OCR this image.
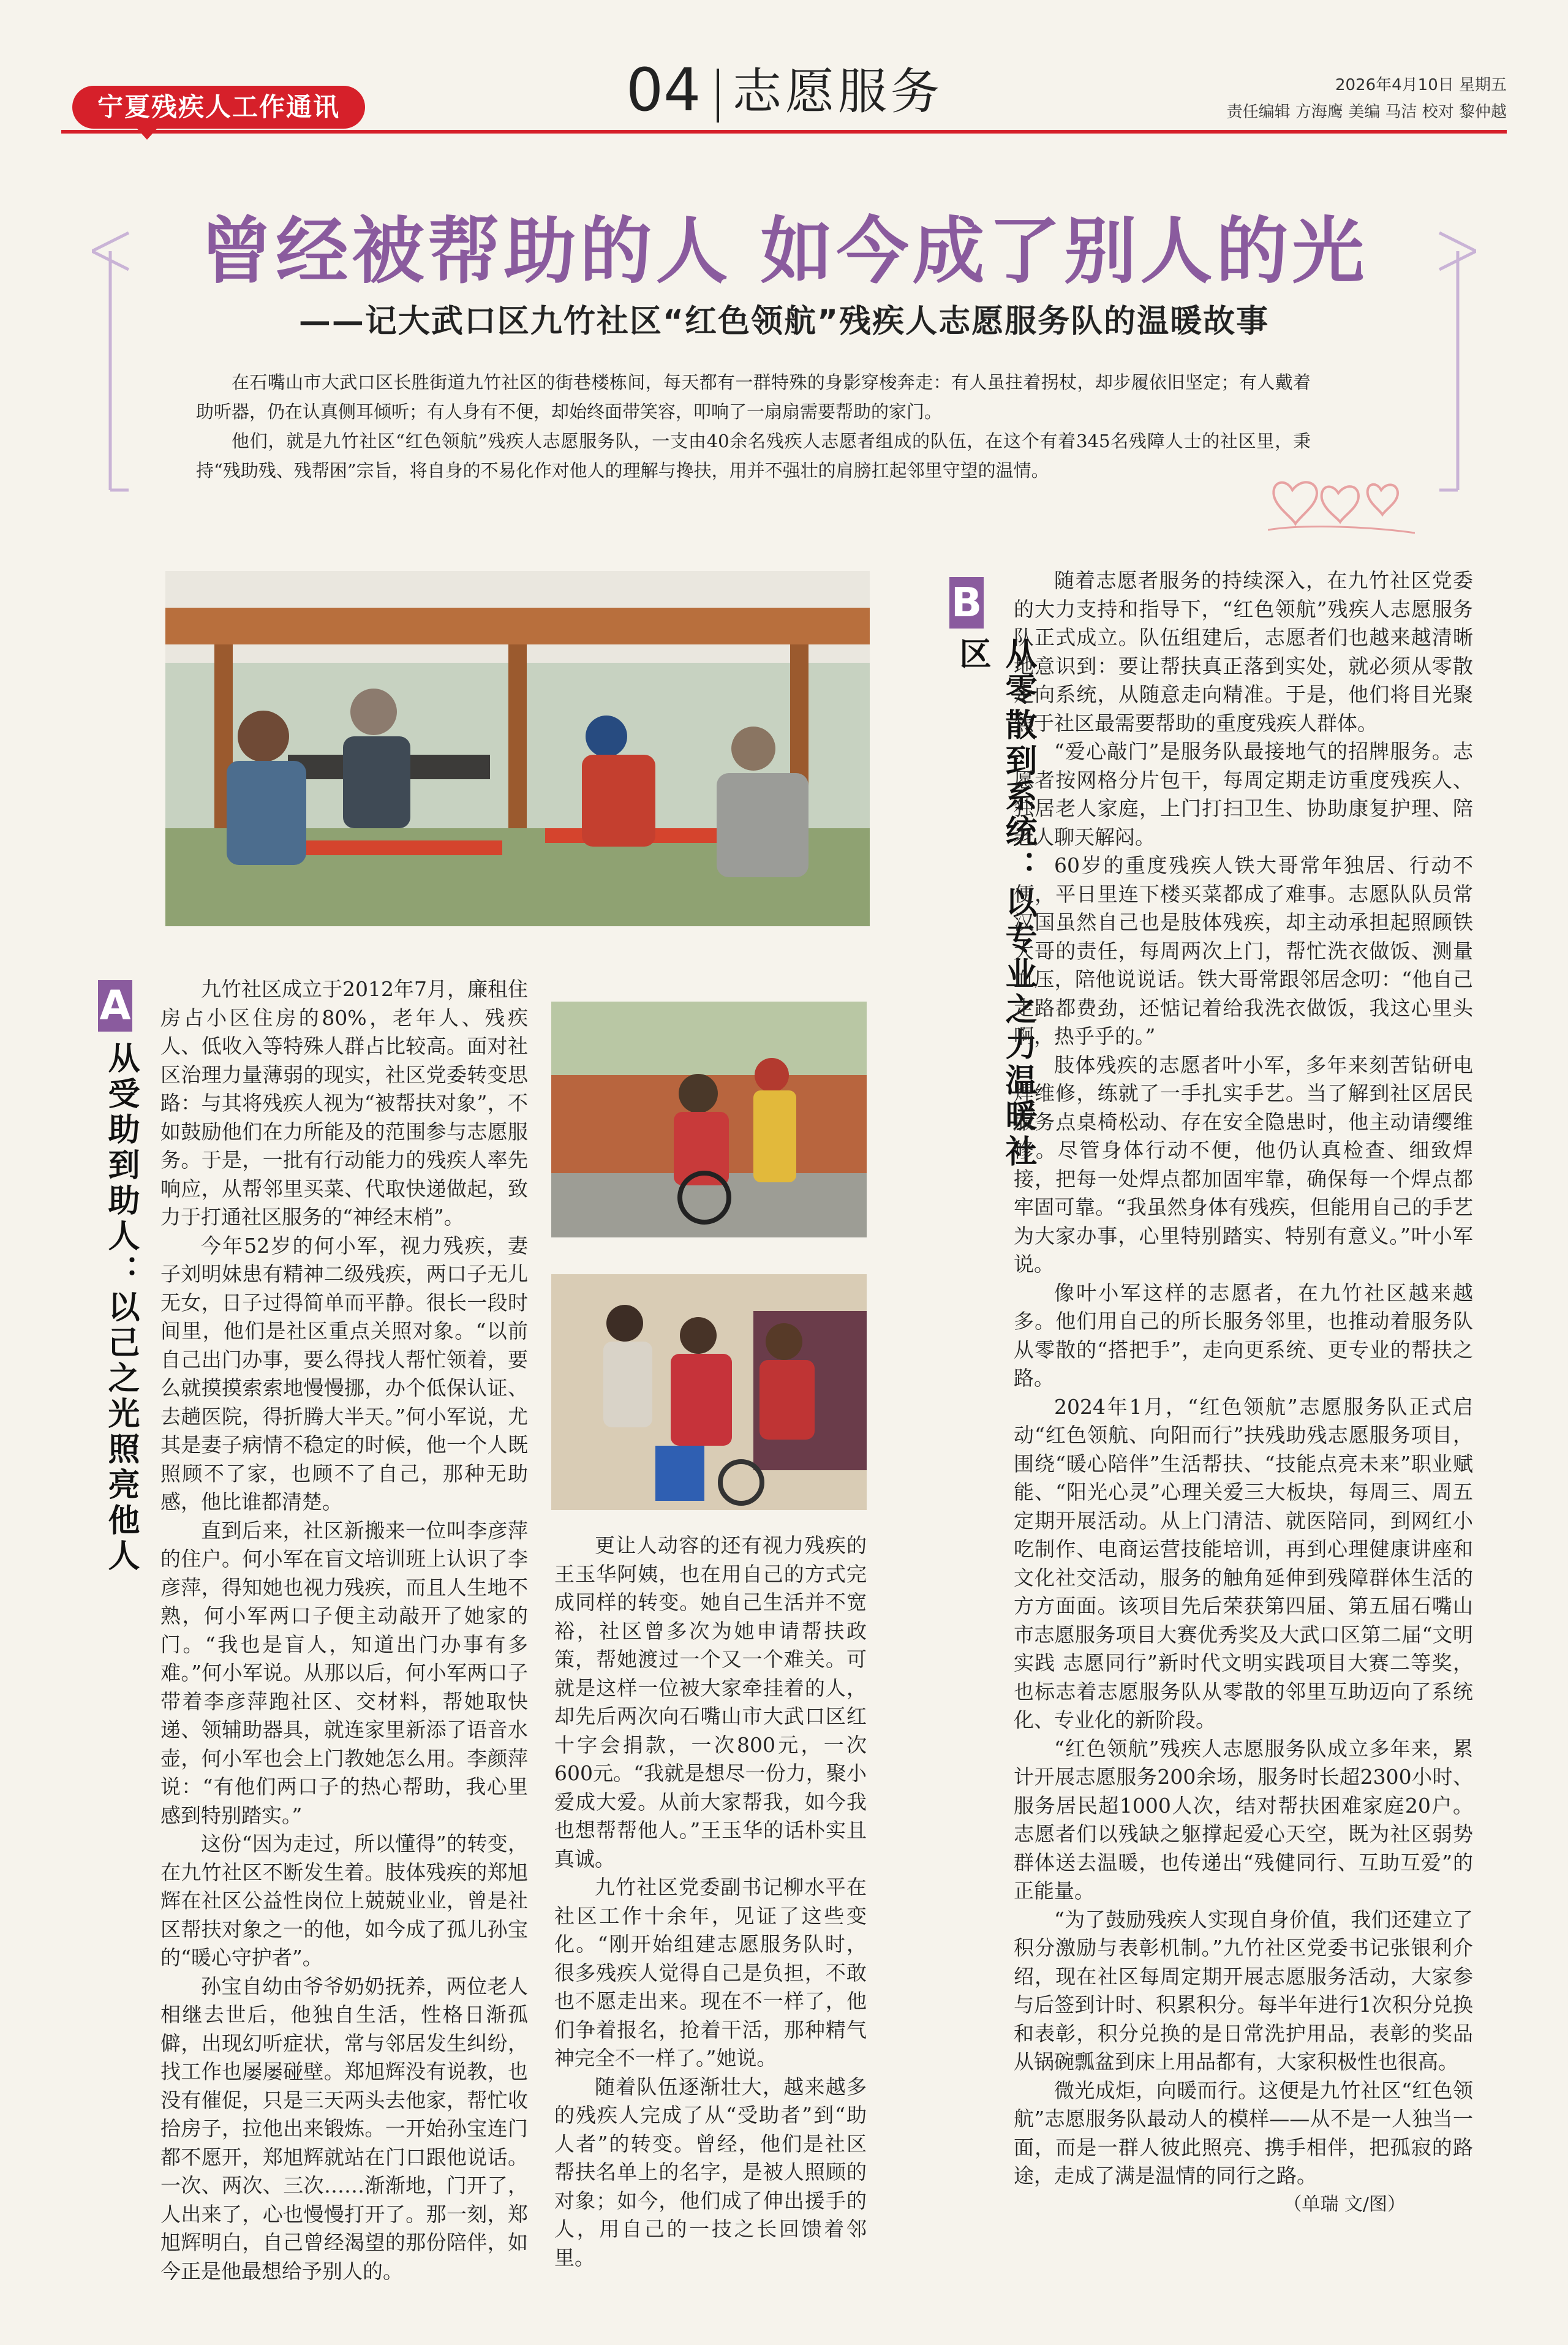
宁夏残疾人工作通讯	04 志愿服务	2026年4月10日 星期五
责任编辑 方海鹰 美编 马洁 校对 黎仲越
曾经被帮助的人 如今成了别人的光
——记大武口区九竹社区“红色领航”残疾人志愿服务队的温暖故事

在石嘴山市大武口区长胜街道九竹社区的街巷楼栋间，每天都有一群特殊的身影穿梭奔走：有人虽拄着拐杖，却步履依旧坚定；有人戴着助听器，仍在认真侧耳倾听；有人身有不便，却始终面带笑容，叩响了一扇扇需要帮助的家门。

他们，就是九竹社区“红色领航”残疾人志愿服务队，一支由40余名残疾人志愿者组成的队伍，在这个有着345名残障人士的社区里，秉持“残助残、残帮困”宗旨，将自身的不易化作对他人的理解与搀扶，用并不强壮的肩膀扛起邻里守望的温情。

A
从受助到助人：以己之光照亮他人
B
从零散到系统：以专业之力温暖社区

九竹社区成立于2012年7月，廉租住房占小区住房的80%，老年人、残疾人、低收入等特殊人群占比较高。面对社区治理力量薄弱的现实，社区党委转变思路：与其将残疾人视为“被帮扶对象”，不如鼓励他们在力所能及的范围参与志愿服务。于是，一批有行动能力的残疾人率先响应，从帮邻里买菜、代取快递做起，致力于打通社区服务的“神经末梢”。

今年52岁的何小军，视力残疾，妻子刘明妹患有精神二级残疾，两口子无儿无女，日子过得简单而平静。很长一段时间里，他们是社区重点关照对象。“以前自己出门办事，要么得找人帮忙领着，要么就摸摸索索地慢慢挪，办个低保认证、去趟医院，得折腾大半天。”何小军说，尤其是妻子病情不稳定的时候，他一个人既照顾不了家，也顾不了自己，那种无助感，他比谁都清楚。

直到后来，社区新搬来一位叫李彦萍的住户。何小军在盲文培训班上认识了李彦萍，得知她也视力残疾，而且人生地不熟，何小军两口子便主动敲开了她家的门。“我也是盲人，知道出门办事有多难。”何小军说。从那以后，何小军两口子带着李彦萍跑社区、交材料，帮她取快递、领辅助器具，就连家里新添了语音水壶，何小军也会上门教她怎么用。李颜萍说：“有他们两口子的热心帮助，我心里感到特别踏实。”

这份“因为走过，所以懂得”的转变，在九竹社区不断发生着。肢体残疾的郑旭辉在社区公益性岗位上兢兢业业，曾是社区帮扶对象之一的他，如今成了孤儿孙宝的“暖心守护者”。

孙宝自幼由爷爷奶奶抚养，两位老人相继去世后，他独自生活，性格日渐孤僻，出现幻听症状，常与邻居发生纠纷，找工作也屡屡碰壁。郑旭辉没有说教，也没有催促，只是三天两头去他家，帮忙收拾房子，拉他出来锻炼。一开始孙宝连门都不愿开，郑旭辉就站在门口跟他说话。一次、两次、三次……渐渐地，门开了，人出来了，心也慢慢打开了。那一刻，郑旭辉明白，自己曾经渴望的那份陪伴，如今正是他最想给予别人的。

更让人动容的还有视力残疾的王玉华阿姨，也在用自己的方式完成同样的转变。她自己生活并不宽裕，社区曾多次为她申请帮扶政策，帮她渡过一个又一个难关。可就是这样一位被大家牵挂着的人，却先后两次向石嘴山市大武口区红十字会捐款，一次800元，一次600元。“我就是想尽一份力，聚小爱成大爱。从前大家帮我，如今我也想帮帮他人。”王玉华的话朴实且真诚。

九竹社区党委副书记柳水平在社区工作十余年，见证了这些变化。“刚开始组建志愿服务队时，很多残疾人觉得自己是负担，不敢也不愿走出来。现在不一样了，他们争着报名，抢着干活，那种精气神完全不一样了。”她说。

随着队伍逐渐壮大，越来越多的残疾人完成了从“受助者”到“助人者”的转变。曾经，他们是社区帮扶名单上的名字，是被人照顾的对象；如今，他们成了伸出援手的人，用自己的一技之长回馈着邻里。

随着志愿者服务的持续深入，在九竹社区党委的大力支持和指导下，“红色领航”残疾人志愿服务队正式成立。队伍组建后，志愿者们也越来越清晰地意识到：要让帮扶真正落到实处，就必须从零散走向系统，从随意走向精准。于是，他们将目光聚焦于社区最需要帮助的重度残疾人群体。

“爱心敲门”是服务队最接地气的招牌服务。志愿者按网格分片包干，每周定期走访重度残疾人、独居老人家庭，上门打扫卫生、协助康复护理、陪老人聊天解闷。

60岁的重度残疾人铁大哥常年独居、行动不便，平日里连下楼买菜都成了难事。志愿队队员常汉国虽然自己也是肢体残疾，却主动承担起照顾铁大哥的责任，每周两次上门，帮忙洗衣做饭、测量血压，陪他说说话。铁大哥常跟邻居念叨：“他自己走路都费劲，还惦记着给我洗衣做饭，我这心里头啊，热乎乎的。”

肢体残疾的志愿者叶小军，多年来刻苦钻研电焊维修，练就了一手扎实手艺。当了解到社区居民服务点桌椅松动、存在安全隐患时，他主动请缨维修。尽管身体行动不便，他仍认真检查、细致焊接，把每一处焊点都加固牢靠，确保每一个焊点都牢固可靠。“我虽然身体有残疾，但能用自己的手艺为大家办事，心里特别踏实、特别有意义。”叶小军说。

像叶小军这样的志愿者，在九竹社区越来越多。他们用自己的所长服务邻里，也推动着服务队从零散的“搭把手”，走向更系统、更专业的帮扶之路。

2024年1月，“红色领航”志愿服务队正式启动“红色领航、向阳而行”扶残助残志愿服务项目，围绕“暖心陪伴”生活帮扶、“技能点亮未来”职业赋能、“阳光心灵”心理关爱三大板块，每周三、周五定期开展活动。从上门清洁、就医陪同，到网红小吃制作、电商运营技能培训，再到心理健康讲座和文化社交活动，服务的触角延伸到残障群体生活的方方面面。该项目先后荣获第四届、第五届石嘴山市志愿服务项目大赛优秀奖及大武口区第二届“文明实践 志愿同行”新时代文明实践项目大赛二等奖，也标志着志愿服务队从零散的邻里互助迈向了系统化、专业化的新阶段。

“红色领航”残疾人志愿服务队成立多年来，累计开展志愿服务200余场，服务时长超2300小时、服务居民超1000人次，结对帮扶困难家庭20户。志愿者们以残缺之躯撑起爱心天空，既为社区弱势群体送去温暖，也传递出“残健同行、互助互爱”的正能量。

“为了鼓励残疾人实现自身价值，我们还建立了积分激励与表彰机制。”九竹社区党委书记张银利介绍，现在社区每周定期开展志愿服务活动，大家参与后签到计时、积累积分。每半年进行1次积分兑换和表彰，积分兑换的是日常洗护用品，表彰的奖品从锅碗瓢盆到床上用品都有，大家积极性也很高。

微光成炬，向暖而行。这便是九竹社区“红色领航”志愿服务队最动人的模样——从不是一人独当一面，而是一群人彼此照亮、携手相伴，把孤寂的路途，走成了满是温情的同行之路。

（单瑞 文/图）
